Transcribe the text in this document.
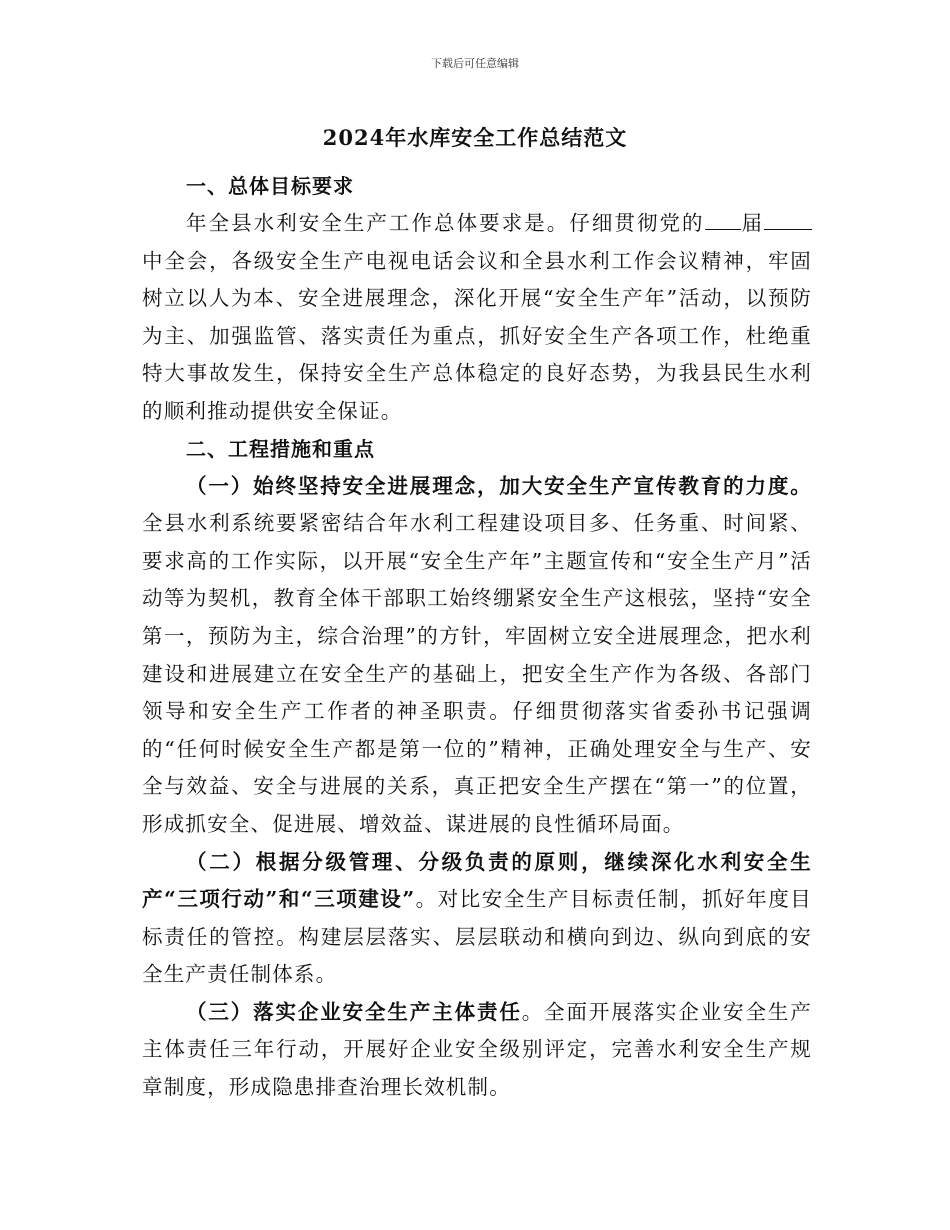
下载后可任意编辑
2024年水库安全工作总结范文
一、总体目标要求

年全县水利安全生产工作总体要求是。仔细贯彻党的 届中全会，各级安全生产电视电话会议和全县水利工作会议精神，牢固树立以人为本、安全进展理念，深化开展“安全生产年”活动，以预防为主、加强监管、落实责任为重点，抓好安全生产各项工作，杜绝重特大事故发生，保持安全生产总体稳定的良好态势，为我县民生水利的顺利推动提供安全保证。

二、工程措施和重点

（一）始终坚持安全进展理念，加大安全生产宣传教育的力度。全县水利系统要紧密结合年水利工程建设项目多、任务重、时间紧、要求高的工作实际，以开展“安全生产年”主题宣传和“安全生产月”活动等为契机，教育全体干部职工始终绷紧安全生产这根弦，坚持“安全第一，预防为主，综合治理”的方针，牢固树立安全进展理念，把水利建设和进展建立在安全生产的基础上，把安全生产作为各级、各部门领导和安全生产工作者的神圣职责。仔细贯彻落实省委孙书记强调的“任何时候安全生产都是第一位的”精神，正确处理安全与生产、安全与效益、安全与进展的关系，真正把安全生产摆在“第一”的位置，形成抓安全、促进展、增效益、谋进展的良性循环局面。

（二）根据分级管理、分级负责的原则，继续深化水利安全生产“三项行动”和“三项建设”。对比安全生产目标责任制，抓好年度目标责任的管控。构建层层落实、层层联动和横向到边、纵向到底的安全生产责任制体系。

（三）落实企业安全生产主体责任。全面开展落实企业安全生产主体责任三年行动，开展好企业安全级别评定，完善水利安全生产规章制度，形成隐患排查治理长效机制。
